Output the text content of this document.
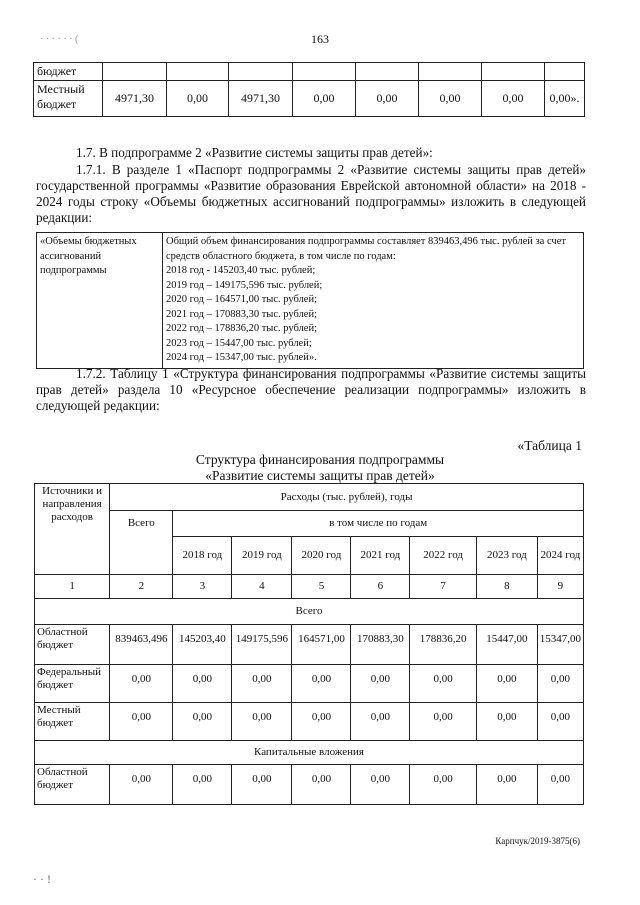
· · · · · · (	163
бюджет								
Местный бюджет	4971,30	0,00	4971,30	0,00	0,00	0,00	0,00	0,00».

1.7. В подпрограмме 2 «Развитие системы защиты прав детей»:

1.7.1. В разделе 1 «Паспорт подпрограммы 2 «Развитие системы защиты прав детей» государственной программы «Развитие образования Еврейской автономной области» на 2018 - 2024 годы строку «Объемы бюджетных ассигнований подпрограммы» изложить в следующей редакции:

«Объемы бюджетных ассигнований подпрограммы	
Общий объем финансирования подпрограммы составляет 839463,496 тыс. рублей за счет средств областного бюджета, в том числе по годам:
2018 год - 145203,40 тыс. рублей;
2019 год – 149175,596 тыс. рублей;
2020 год – 164571,00 тыс. рублей;
2021 год – 170883,30 тыс. рублей;
2022 год – 178836,20 тыс. рублей;
2023 год – 15447,00 тыс. рублей;
2024 год – 15347,00 тыс. рублей».

1.7.2. Таблицу 1 «Структура финансирования подпрограммы «Развитие системы защиты прав детей» раздела 10 «Ресурсное обеспечение реализации подпрограммы» изложить в следующей редакции:

«Таблица 1
Структура финансирования подпрограммы
«Развитие системы защиты прав детей»
Источники и направления расходов	Расходы (тыс. рублей), годы							
	Всего	в том числе по годам						
		2018 год	2019 год	2020 год	2021 год	2022 год	2023 год	2024 год
1	2	3	4	5	6	7	8	9
Всего								
Областной бюджет	839463,496	145203,40	149175,596	164571,00	170883,30	178836,20	15447,00	15347,00
Федеральный бюджет	0,00	0,00	0,00	0,00	0,00	0,00	0,00	0,00
Местный бюджет	0,00	0,00	0,00	0,00	0,00	0,00	0,00	0,00
Капитальные вложения								
Областной бюджет	0,00	0,00	0,00	0,00	0,00	0,00	0,00	0,00
Карпчук/2019-3875(6)
· · !
